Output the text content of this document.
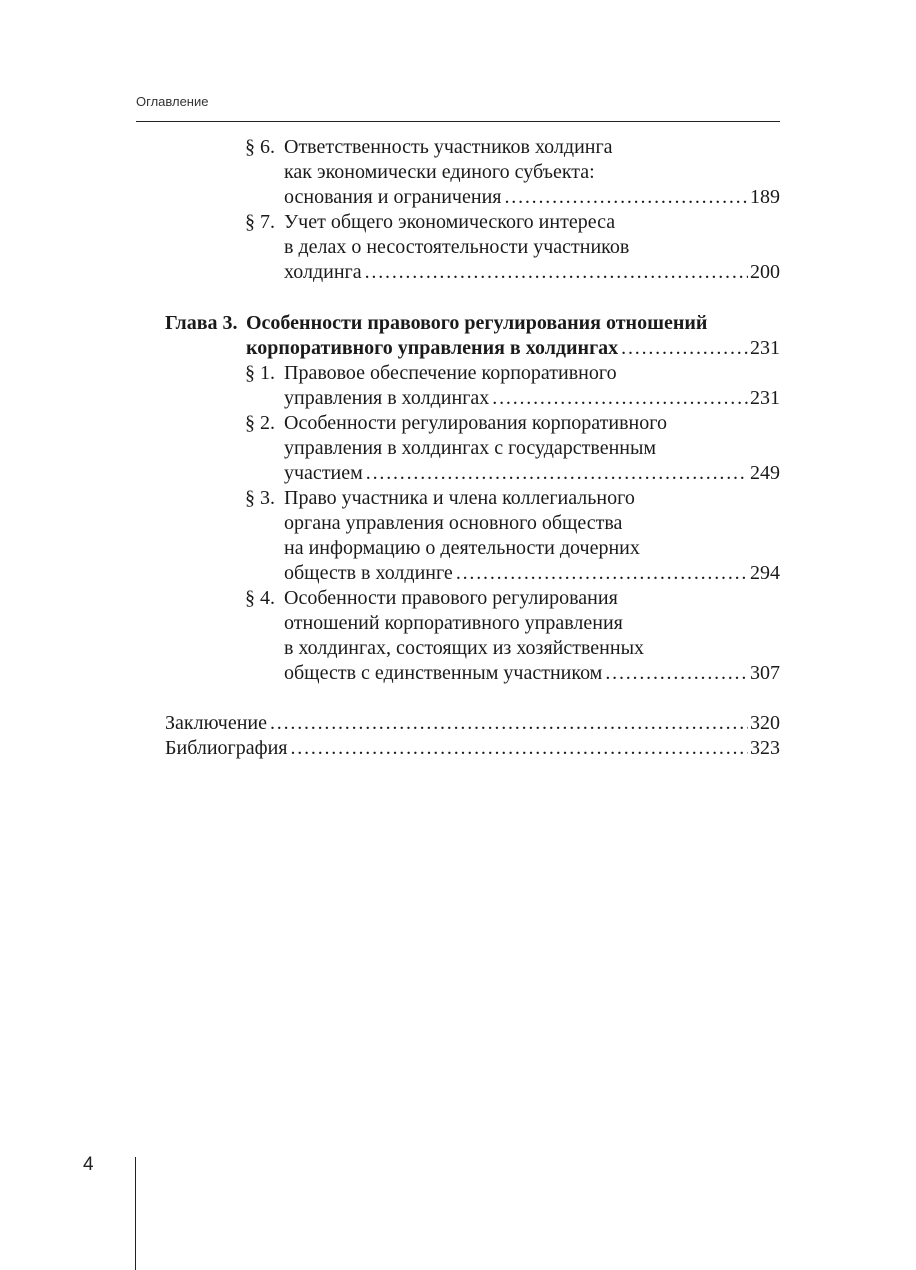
Оглавление
§ 6. Ответственность участников холдинга
как экономически единого субъекта:
основания и ограничения . . .	189
§ 7. Учет общего экономического интереса
в делах о несостоятельности участников
холдинга . . .	200
Глава 3. Особенности правового регулирования отношений
корпоративного управления в холдингах . . .	231
§ 1. Правовое обеспечение корпоративного
управления в холдингах . . .	231
§ 2. Особенности регулирования корпоративного
управления в холдингах с государственным
участием . . .	249
§ 3. Право участника и члена коллегиального
органа управления основного общества
на информацию о деятельности дочерних
обществ в холдинге . . .	294
§ 4. Особенности правового регулирования
отношений корпоративного управления
в холдингах, состоящих из хозяйственных
обществ с единственным участником . . .	307
Заключение . . .	320
Библиография . . .	323
4
